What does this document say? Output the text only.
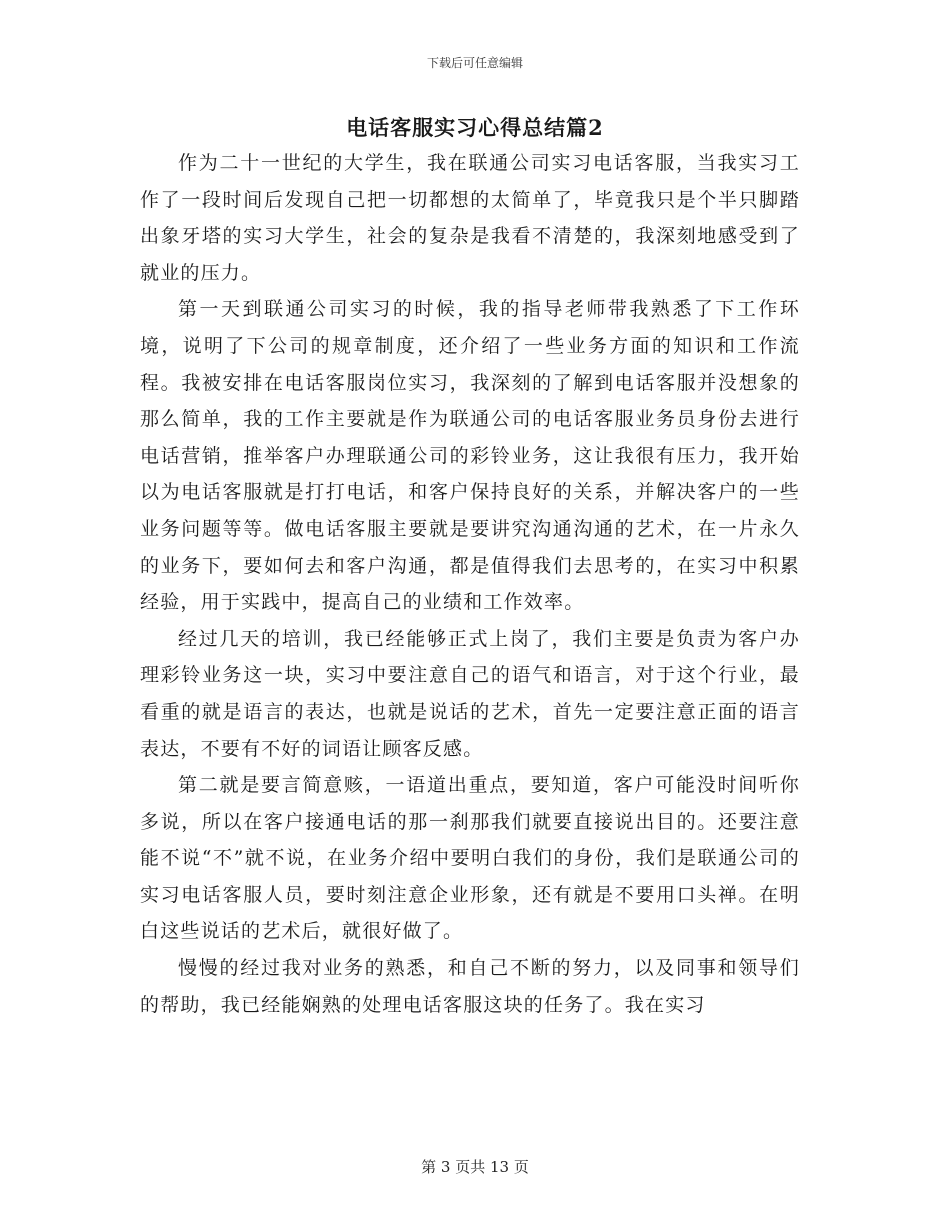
下载后可任意编辑
电话客服实习心得总结篇2

作为二十一世纪的大学生，我在联通公司实习电话客服，当我实习工作了一段时间后发现自己把一切都想的太简单了，毕竟我只是个半只脚踏出象牙塔的实习大学生，社会的复杂是我看不清楚的，我深刻地感受到了就业的压力。

第一天到联通公司实习的时候，我的指导老师带我熟悉了下工作环境，说明了下公司的规章制度，还介绍了一些业务方面的知识和工作流程。我被安排在电话客服岗位实习，我深刻的了解到电话客服并没想象的那么简单，我的工作主要就是作为联通公司的电话客服业务员身份去进行电话营销，推举客户办理联通公司的彩铃业务，这让我很有压力，我开始以为电话客服就是打打电话，和客户保持良好的关系，并解决客户的一些业务问题等等。做电话客服主要就是要讲究沟通沟通的艺术，在一片永久的业务下，要如何去和客户沟通，都是值得我们去思考的，在实习中积累经验，用于实践中，提高自己的业绩和工作效率。

经过几天的培训，我已经能够正式上岗了，我们主要是负责为客户办理彩铃业务这一块，实习中要注意自己的语气和语言，对于这个行业，最看重的就是语言的表达，也就是说话的艺术，首先一定要注意正面的语言表达，不要有不好的词语让顾客反感。

第二就是要言简意赅，一语道出重点，要知道，客户可能没时间听你多说，所以在客户接通电话的那一刹那我们就要直接说出目的。还要注意能不说“不”就不说，在业务介绍中要明白我们的身份，我们是联通公司的实习电话客服人员，要时刻注意企业形象，还有就是不要用口头禅。在明白这些说话的艺术后，就很好做了。

慢慢的经过我对业务的熟悉，和自己不断的努力，以及同事和领导们的帮助，我已经能娴熟的处理电话客服这块的任务了。我在实习

第 3 页共 13 页
